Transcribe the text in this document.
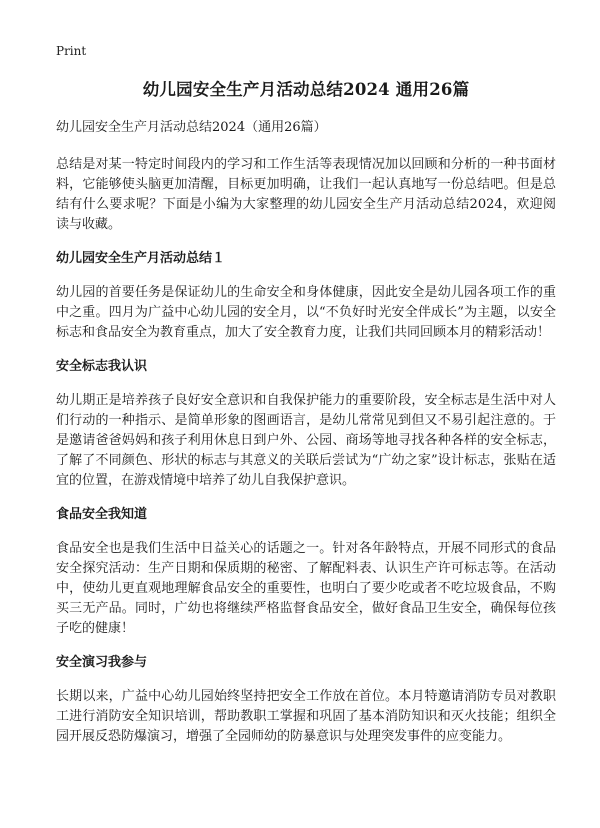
Print
幼儿园安全生产月活动总结2024 通用26篇
幼儿园安全生产月活动总结2024（通用26篇）

总结是对某一特定时间段内的学习和工作生活等表现情况加以回顾和分析的一种书面材料，它能够使头脑更加清醒，目标更加明确，让我们一起认真地写一份总结吧。但是总结有什么要求呢？下面是小编为大家整理的幼儿园安全生产月活动总结2024，欢迎阅读与收藏。

幼儿园安全生产月活动总结１

幼儿园的首要任务是保证幼儿的生命安全和身体健康，因此安全是幼儿园各项工作的重中之重。四月为广益中心幼儿园的安全月，以“不负好时光安全伴成长”为主题，以安全标志和食品安全为教育重点，加大了安全教育力度，让我们共同回顾本月的精彩活动！

安全标志我认识

幼儿期正是培养孩子良好安全意识和自我保护能力的重要阶段，安全标志是生活中对人们行动的一种指示、是简单形象的图画语言，是幼儿常常见到但又不易引起注意的。于是邀请爸爸妈妈和孩子利用休息日到户外、公园、商场等地寻找各种各样的安全标志，了解了不同颜色、形状的标志与其意义的关联后尝试为“广幼之家”设计标志，张贴在适宜的位置，在游戏情境中培养了幼儿自我保护意识。

食品安全我知道

食品安全也是我们生活中日益关心的话题之一。针对各年龄特点，开展不同形式的食品安全探究活动：生产日期和保质期的秘密、了解配料表、认识生产许可标志等。在活动中，使幼儿更直观地理解食品安全的重要性，也明白了要少吃或者不吃垃圾食品，不购买三无产品。同时，广幼也将继续严格监督食品安全，做好食品卫生安全，确保每位孩子吃的健康！

安全演习我参与

长期以来，广益中心幼儿园始终坚持把安全工作放在首位。本月特邀请消防专员对教职工进行消防安全知识培训，帮助教职工掌握和巩固了基本消防知识和灭火技能；组织全园开展反恐防爆演习，增强了全园师幼的防暴意识与处理突发事件的应变能力。
